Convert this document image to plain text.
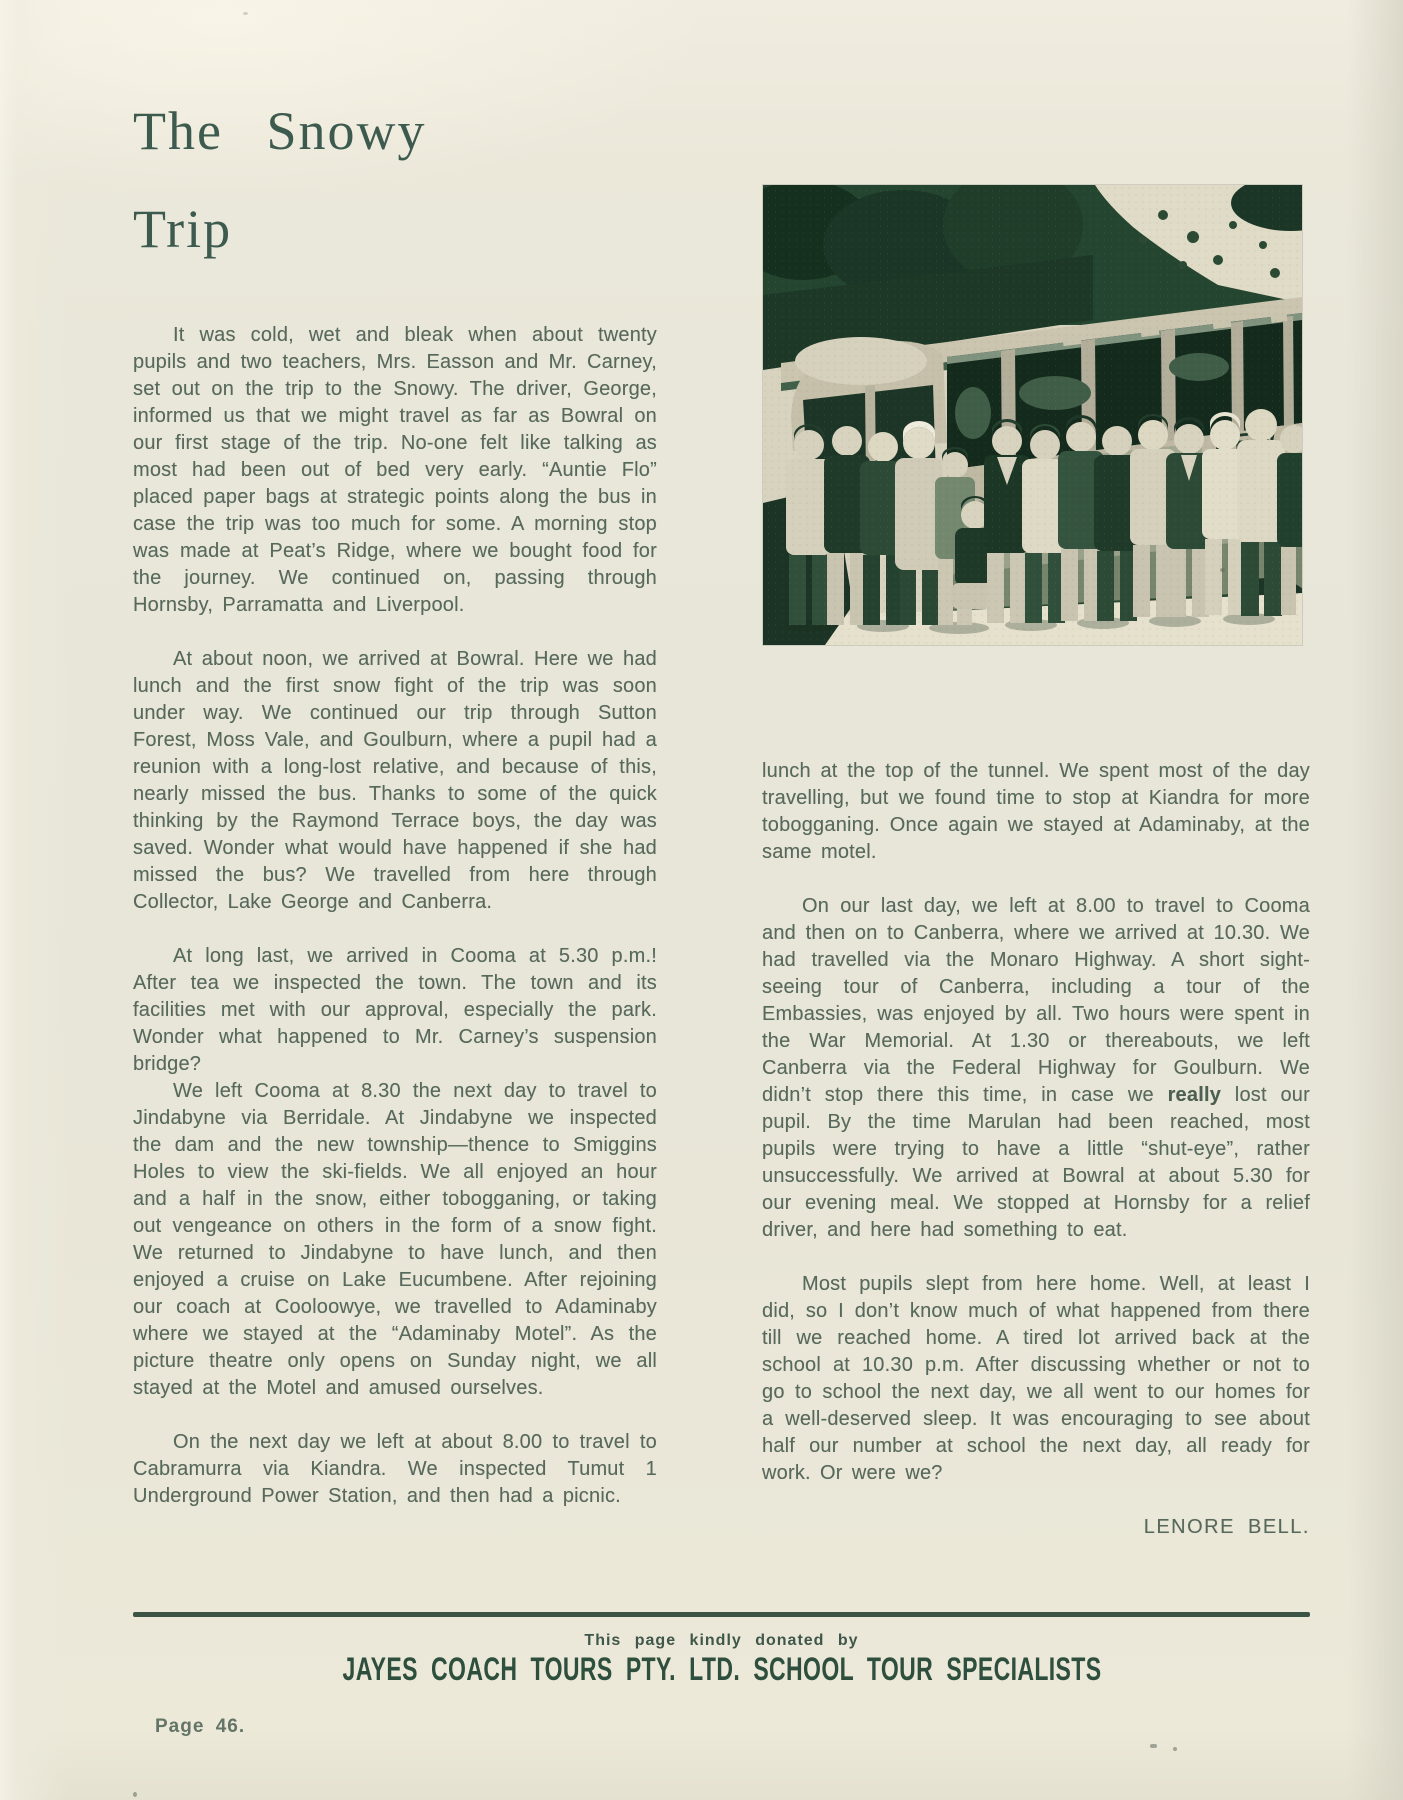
The Snowy
Trip

It was cold, wet and bleak when about twenty pupils and two teachers, Mrs. Easson and Mr. Carney, set out on the trip to the Snowy. The driver, George, informed us that we might travel as far as Bowral on our first stage of the trip. No-one felt like talking as most had been out of bed very early. “Auntie Flo” placed paper bags at strategic points along the bus in case the trip was too much for some. A morning stop was made at Peat’s Ridge, where we bought food for the journey. We continued on, passing through Hornsby, Parramatta and Liverpool.

At about noon, we arrived at Bowral. Here we had lunch and the first snow fight of the trip was soon under way. We continued our trip through Sutton Forest, Moss Vale, and Goulburn, where a pupil had a reunion with a long-lost relative, and because of this, nearly missed the bus. Thanks to some of the quick thinking by the Raymond Terrace boys, the day was saved. Wonder what would have happened if she had missed the bus? We travelled from here through Collector, Lake George and Canberra.

At long last, we arrived in Cooma at 5.30 p.m.! After tea we inspected the town. The town and its facilities met with our approval, especially the park. Wonder what happened to Mr. Carney’s suspension bridge?

We left Cooma at 8.30 the next day to travel to Jindabyne via Berridale. At Jindabyne we inspected the dam and the new township—thence to Smiggins Holes to view the ski-fields. We all enjoyed an hour and a half in the snow, either tobogganing, or taking out vengeance on others in the form of a snow fight. We returned to Jindabyne to have lunch, and then enjoyed a cruise on Lake Eucumbene. After rejoining our coach at Cooloowye, we travelled to Adaminaby where we stayed at the “Adaminaby Motel”. As the picture theatre only opens on Sunday night, we all stayed at the Motel and amused ourselves.

On the next day we left at about 8.00 to travel to Cabramurra via Kiandra. We inspected Tumut 1 Underground Power Station, and then had a picnic.

lunch at the top of the tunnel. We spent most of the day travelling, but we found time to stop at Kiandra for more tobogganing. Once again we stayed at Adaminaby, at the same motel.

On our last day, we left at 8.00 to travel to Cooma and then on to Canberra, where we arrived at 10.30. We had travelled via the Monaro Highway. A short sight-seeing tour of Canberra, including a tour of the Embassies, was enjoyed by all. Two hours were spent in the War Memorial. At 1.30 or thereabouts, we left Canberra via the Federal Highway for Goulburn. We didn’t stop there this time, in case we really lost our pupil. By the time Marulan had been reached, most pupils were trying to have a little “shut-eye”, rather unsuccessfully. We arrived at Bowral at about 5.30 for our evening meal. We stopped at Hornsby for a relief driver, and here had something to eat.

Most pupils slept from here home. Well, at least I did, so I don’t know much of what happened from there till we reached home. A tired lot arrived back at the school at 10.30 p.m. After discussing whether or not to go to school the next day, we all went to our homes for a well-deserved sleep. It was encouraging to see about half our number at school the next day, all ready for work. Or were we?

LENORE BELL.

This page kindly donated by
JAYES COACH TOURS PTY. LTD. SCHOOL TOUR SPECIALISTS
Page 46.
